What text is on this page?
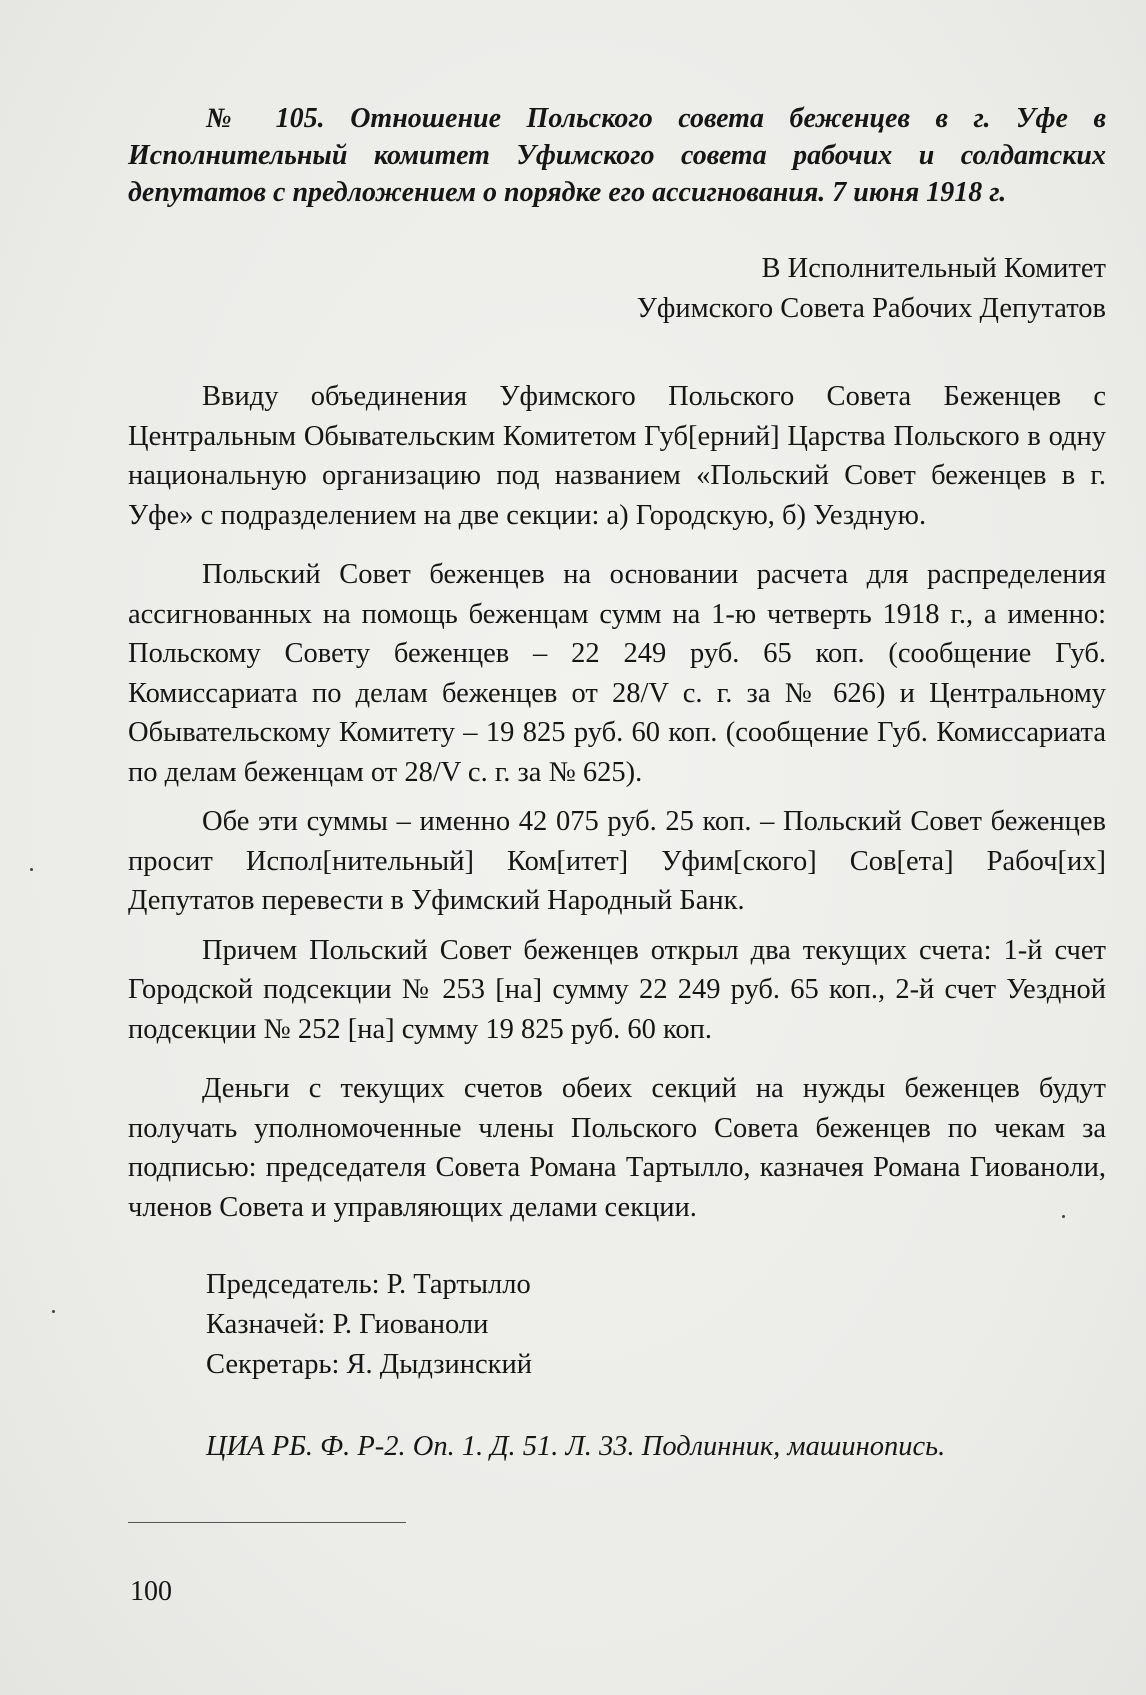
№ 105. Отношение Польского совета беженцев в г. Уфе в Исполнительный комитет Уфимского совета рабочих и солдатских депутатов с предложением о порядке его ассигнования. 7 июня 1918 г.

В Исполнительный Комитет
Уфимского Совета Рабочих Депутатов

Ввиду объединения Уфимского Польского Совета Беженцев с Центральным Обывательским Комитетом Губ[ерний] Царства Польского в одну национальную организацию под названием «Польский Совет беженцев в г. Уфе» с подразделением на две секции: а) Городскую, б) Уездную.

Польский Совет беженцев на основании расчета для распределения ассигнованных на помощь беженцам сумм на 1-ю четверть 1918 г., а именно: Польскому Совету беженцев – 22 249 руб. 65 коп. (сообщение Губ. Комиссариата по делам беженцев от 28/V с. г. за № 626) и Центральному Обывательскому Комитету – 19 825 руб. 60 коп. (сообщение Губ. Комиссариата по делам беженцам от 28/V с. г. за № 625).

Обе эти суммы – именно 42 075 руб. 25 коп. – Польский Совет беженцев просит Испол[нительный] Ком[итет] Уфим[ского] Сов[ета] Рабоч[их] Депутатов перевести в Уфимский Народный Банк.

Причем Польский Совет беженцев открыл два текущих счета: 1-й счет Городской подсекции № 253 [на] сумму 22 249 руб. 65 коп., 2-й счет Уездной подсекции № 252 [на] сумму 19 825 руб. 60 коп.

Деньги с текущих счетов обеих секций на нужды беженцев будут получать уполномоченные члены Польского Совета беженцев по чекам за подписью: председателя Совета Романа Тартылло, казначея Романа Гиованоли, членов Совета и управляющих делами секции.

Председатель: Р. Тартылло
Казначей: Р. Гиованоли
Секретарь: Я. Дыдзинский
ЦИА РБ. Ф. Р-2. Оп. 1. Д. 51. Л. 33. Подлинник, машинопись.
100
